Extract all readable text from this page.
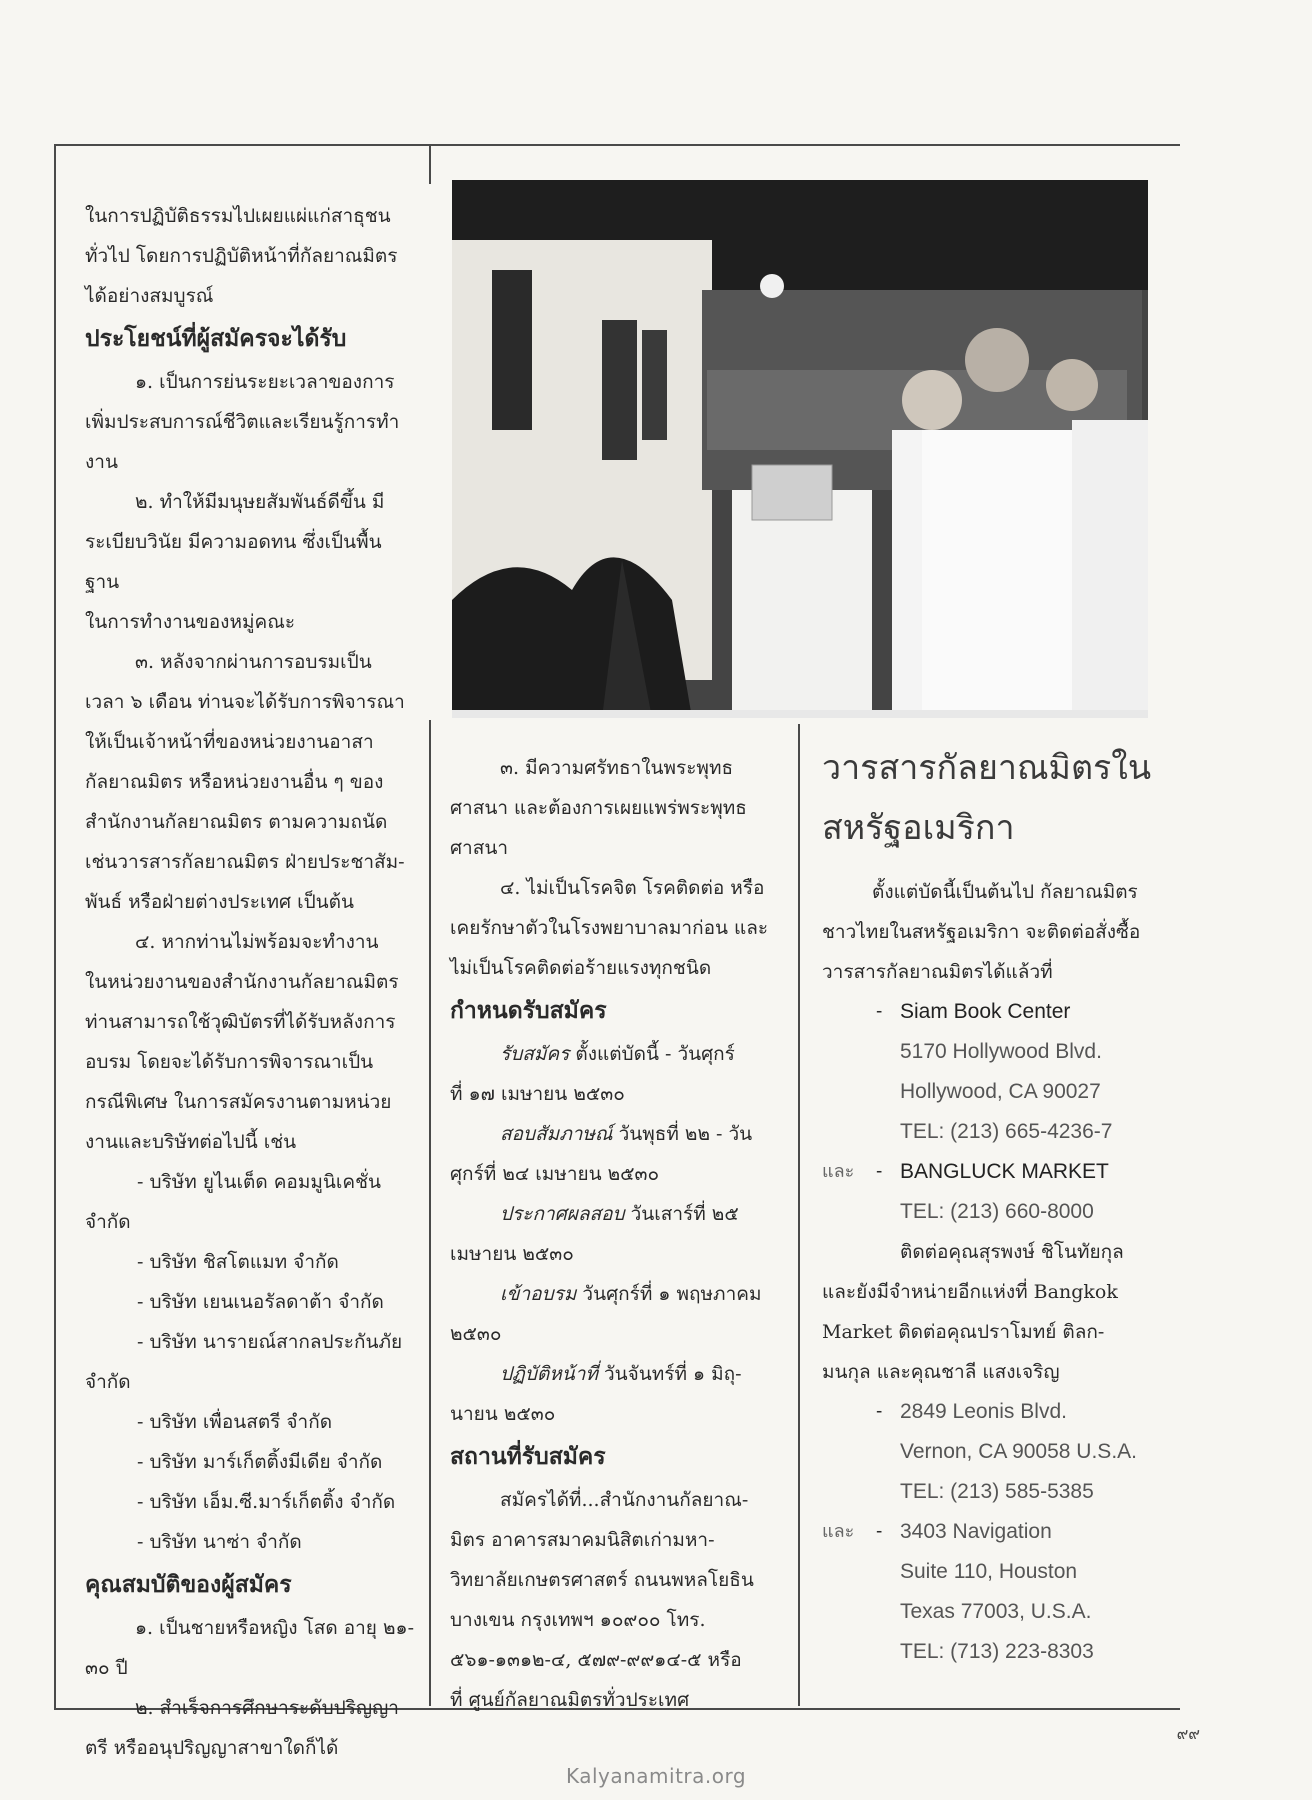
ในการปฏิบัติธรรมไปเผยแผ่แก่สาธุชน

ทั่วไป โดยการปฏิบัติหน้าที่กัลยาณมิตร

ได้อย่างสมบูรณ์

ประโยชน์ที่ผู้สมัครจะได้รับ

๑. เป็นการย่นระยะเวลาของการ

เพิ่มประสบการณ์ชีวิตและเรียนรู้การทำ

งาน

๒. ทำให้มีมนุษยสัมพันธ์ดีขึ้น มี

ระเบียบวินัย มีความอดทน ซึ่งเป็นพื้นฐาน

ในการทำงานของหมู่คณะ

๓. หลังจากผ่านการอบรมเป็น

เวลา ๖ เดือน ท่านจะได้รับการพิจารณา

ให้เป็นเจ้าหน้าที่ของหน่วยงานอาสา

กัลยาณมิตร หรือหน่วยงานอื่น ๆ ของ

สำนักงานกัลยาณมิตร ตามความถนัด

เช่นวารสารกัลยาณมิตร ฝ่ายประชาสัม-

พันธ์ หรือฝ่ายต่างประเทศ เป็นต้น

๔. หากท่านไม่พร้อมจะทำงาน

ในหน่วยงานของสำนักงานกัลยาณมิตร

ท่านสามารถใช้วุฒิบัตรที่ได้รับหลังการ

อบรม โดยจะได้รับการพิจารณาเป็น

กรณีพิเศษ ในการสมัครงานตามหน่วย

งานและบริษัทต่อไปนี้ เช่น

- บริษัท ยูไนเต็ด คอมมูนิเคชั่น

จำกัด

- บริษัท ชิสโตแมท จำกัด

- บริษัท เยนเนอรัลดาต้า จำกัด

- บริษัท นารายณ์สากลประกันภัย

จำกัด

- บริษัท เพื่อนสตรี จำกัด

- บริษัท มาร์เก็ตติ้งมีเดีย จำกัด

- บริษัท เอ็ม.ซี.มาร์เก็ตติ้ง จำกัด

- บริษัท นาซ่า จำกัด

คุณสมบัติของผู้สมัคร

๑. เป็นชายหรือหญิง โสด อายุ ๒๑-

๓๐ ปี

๒. สำเร็จการศึกษาระดับปริญญา

ตรี หรืออนุปริญญาสาขาใดก็ได้

๓. มีความศรัทธาในพระพุทธ

ศาสนา และต้องการเผยแพร่พระพุทธ

ศาสนา

๔. ไม่เป็นโรคจิต โรคติดต่อ หรือ

เคยรักษาตัวในโรงพยาบาลมาก่อน และ

ไม่เป็นโรคติดต่อร้ายแรงทุกชนิด

กำหนดรับสมัคร

รับสมัคร ตั้งแต่บัดนี้ - วันศุกร์

ที่ ๑๗ เมษายน ๒๕๓๐

สอบสัมภาษณ์ วันพุธที่ ๒๒ - วัน

ศุกร์ที่ ๒๔ เมษายน ๒๕๓๐

ประกาศผลสอบ วันเสาร์ที่ ๒๕

เมษายน ๒๕๓๐

เข้าอบรม วันศุกร์ที่ ๑ พฤษภาคม

๒๕๓๐

ปฏิบัติหน้าที่ วันจันทร์ที่ ๑ มิถุ-

นายน ๒๕๓๐

สถานที่รับสมัคร

สมัครได้ที่...สำนักงานกัลยาณ-

มิตร อาคารสมาคมนิสิตเก่ามหา-

วิทยาลัยเกษตรศาสตร์ ถนนพหลโยธิน

บางเขน กรุงเทพฯ ๑๐๙๐๐ โทร.

๕๖๑-๑๓๑๒-๔, ๕๗๙-๙๙๑๔-๕ หรือ

ที่ ศูนย์กัลยาณมิตรทั่วประเทศ

วารสารกัลยาณมิตรใน

สหรัฐอเมริกา

ตั้งแต่บัดนี้เป็นต้นไป กัลยาณมิตร

ชาวไทยในสหรัฐอเมริกา จะติดต่อสั่งซื้อ

วารสารกัลยาณมิตรได้แล้วที่

- Siam Book Center

5170 Hollywood Blvd.

Hollywood, CA 90027

TEL: (213) 665-4236-7

และ	- BANGLUCK MARKET

TEL: (213) 660-8000

ติดต่อคุณสุรพงษ์ ชิโนทัยกุล

และยังมีจำหน่ายอีกแห่งที่ Bangkok

Market ติดต่อคุณปราโมทย์ ติลก-

มนกุล และคุณชาลี แสงเจริญ

- 2849 Leonis Blvd.

Vernon, CA 90058 U.S.A.

TEL: (213) 585-5385

และ	- 3403 Navigation

Suite 110, Houston

Texas 77003, U.S.A.

TEL: (713) 223-8303

๙๙
Kalyanamitra.org
